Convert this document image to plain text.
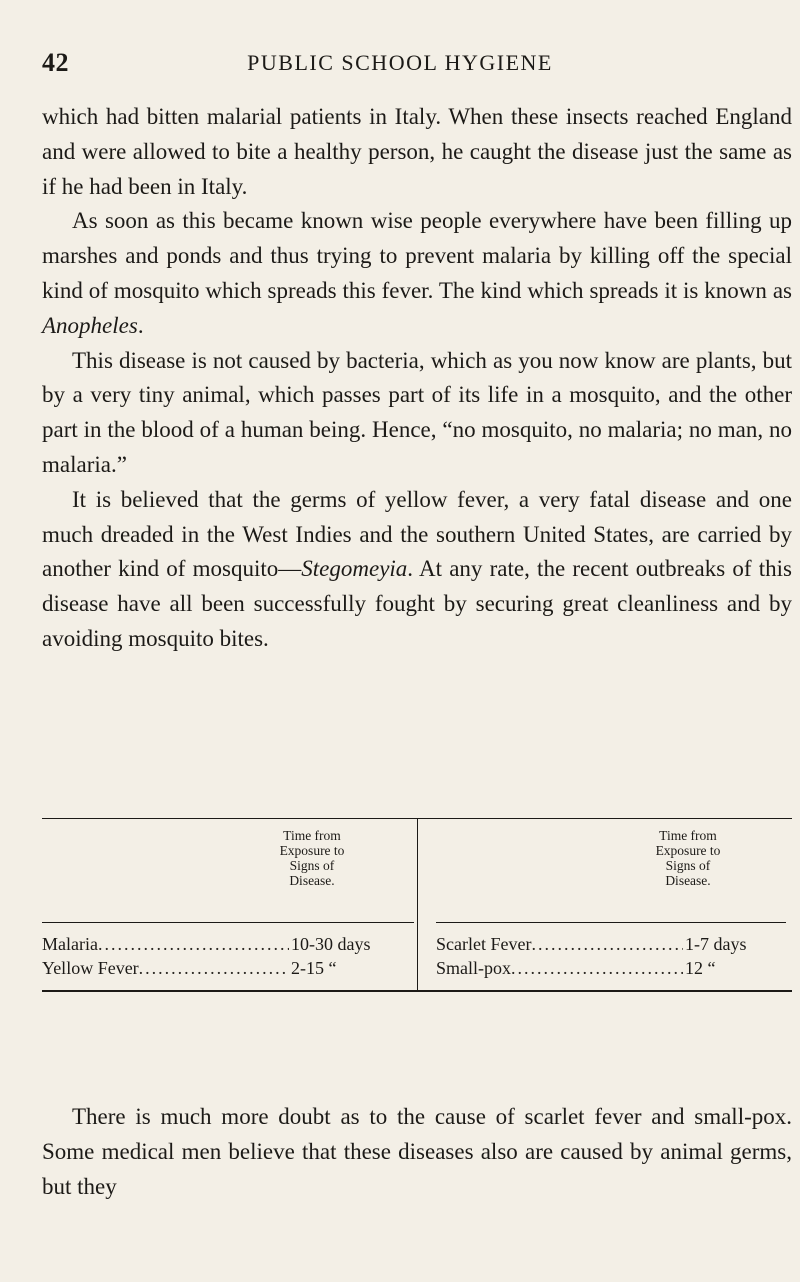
42	PUBLIC SCHOOL HYGIENE

which had bitten malarial patients in Italy. When these insects reached England and were allowed to bite a healthy person, he caught the disease just the same as if he had been in Italy.

As soon as this became known wise people everywhere have been filling up marshes and ponds and thus trying to prevent malaria by killing off the special kind of mosquito which spreads this fever. The kind which spreads it is known as Anopheles.

This disease is not caused by bacteria, which as you now know are plants, but by a very tiny animal, which passes part of its life in a mosquito, and the other part in the blood of a human being. Hence, “no mosquito, no malaria; no man, no malaria.”

It is believed that the germs of yellow fever, a very fatal disease and one much dreaded in the West Indies and the southern United States, are carried by another kind of mosquito—Stegomeyia. At any rate, the recent outbreaks of this disease have all been successfully fought by securing great cleanliness and by avoiding mosquito bites.

Time from
Exposure to
Signs of
Disease.
Malaria .....	10-30 days
Yellow Fever .....	2-15 “
Time from
Exposure to
Signs of
Disease.
Scarlet Fever .....	1-7 days
Small-pox .....	12 “

There is much more doubt as to the cause of scarlet fever and small-pox. Some medical men believe that these diseases also are caused by animal germs, but they
